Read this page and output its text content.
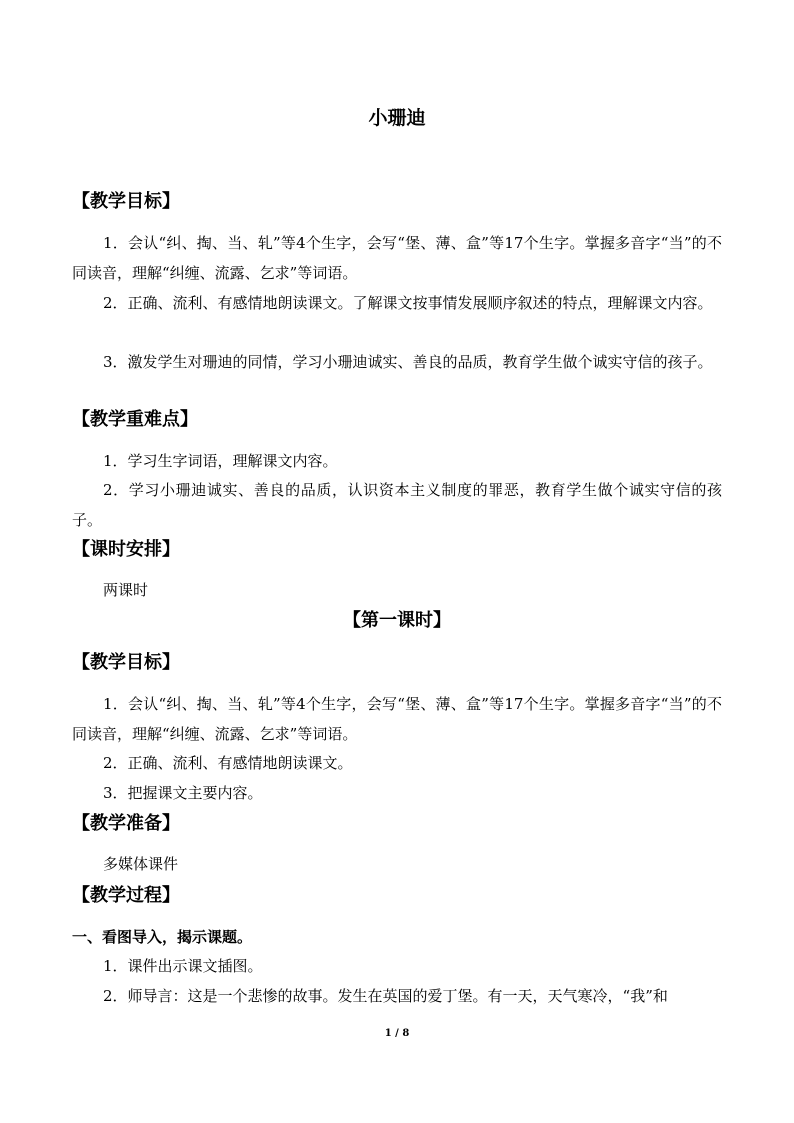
小珊迪
【教学目标】

1．会认“纠、掏、当、轧”等4个生字，会写“堡、薄、盒”等17个生字。掌握多音字“当”的不同读音，理解“纠缠、流露、乞求”等词语。

2．正确、流利、有感情地朗读课文。了解课文按事情发展顺序叙述的特点，理解课文内容。

3．激发学生对珊迪的同情，学习小珊迪诚实、善良的品质，教育学生做个诚实守信的孩子。

【教学重难点】

1．学习生字词语，理解课文内容。

2．学习小珊迪诚实、善良的品质，认识资本主义制度的罪恶，教育学生做个诚实守信的孩子。

【课时安排】

两课时

【第一课时】
【教学目标】

1．会认“纠、掏、当、轧”等4个生字，会写“堡、薄、盒”等17个生字。掌握多音字“当”的不同读音，理解“纠缠、流露、乞求”等词语。

2．正确、流利、有感情地朗读课文。

3．把握课文主要内容。

【教学准备】

多媒体课件

【教学过程】
一、看图导入，揭示课题。

1．课件出示课文插图。

2．师导言：这是一个悲惨的故事。发生在英国的爱丁堡。有一天，天气寒冷，“我”和

1 / 8
